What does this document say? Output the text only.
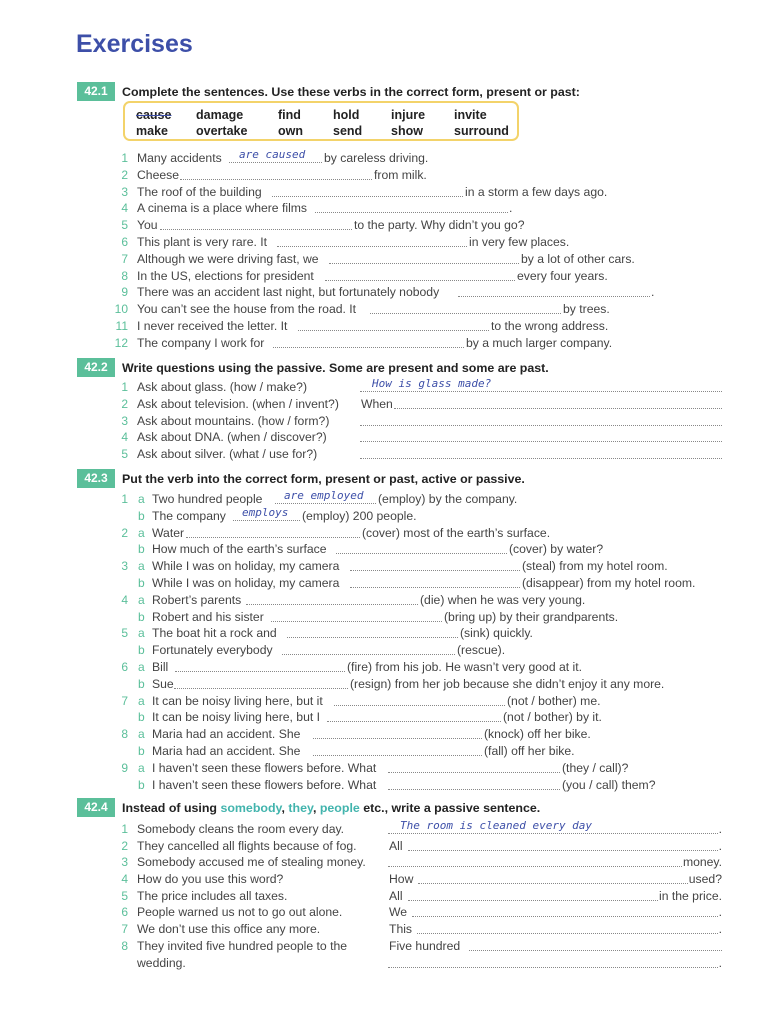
Exercises
42.1	Complete the sentences. Use these verbs in the correct form, present or past:
cause damage	find	hold	injure invite
make overtake own send show surround
1 Many accidents are caused by careless driving.
2 Cheese	from milk.
3 The roof of the building	in a storm a few days ago.
4 A cinema is a place where films	.
5 You	to the party. Why didn’t you go?
6 This plant is very rare. It	in very few places.
7 Although we were driving fast, we	by a lot of other cars.
8 In the US, elections for president	every four years.
9 There was an accident last night, but fortunately nobody	.
10 You can’t see the house from the road. It	by trees.
11 I never received the letter. It	to the wrong address.
12 The company I work for	by a much larger company.
42.2	Write questions using the passive. Some are present and some are past.
1 Ask about glass. (how / make?)	How is glass made?
2 Ask about television. (when / invent?) When
3 Ask about mountains. (how / form?)
4 Ask about DNA. (when / discover?)
5 Ask about silver. (what / use for?)
42.3	Put the verb into the correct form, present or past, active or passive.
1 a Two hundred people are employed (employ) by the company.
b The company employs (employ) 200 people.
2 a Water	(cover) most of the earth’s surface.
b How much of the earth’s surface	(cover) by water?
3 a While I was on holiday, my camera	(steal) from my hotel room.
b While I was on holiday, my camera	(disappear) from my hotel room.
4 a Robert’s parents	(die) when he was very young.
b Robert and his sister	(bring up) by their grandparents.
5 a The boat hit a rock and	(sink) quickly.
b Fortunately everybody	(rescue).
6 a Bill	(fire) from his job. He wasn’t very good at it.
b Sue	(resign) from her job because she didn’t enjoy it any more.
7 a It can be noisy living here, but it	(not / bother) me.
b It can be noisy living here, but I	(not / bother) by it.
8 a Maria had an accident. She	(knock) off her bike.
b Maria had an accident. She	(fall) off her bike.
9 a I haven’t seen these flowers before. What	(they / call)?
b I haven’t seen these flowers before. What	(you / call) them?
42.4	Instead of using somebody, they, people etc., write a passive sentence.
1 Somebody cleans the room every day.	.
The room is cleaned every day
2 They cancelled all flights because of fog.	All	.
3 Somebody accused me of stealing money.	money.
4 How do you use this word?	How	used?
5 The price includes all taxes.	All	in the price.
6 People warned us not to go out alone.	We	.
7 We don’t use this office any more.	This	.
8 They invited five hundred people to the	Five hundred
wedding.	.
